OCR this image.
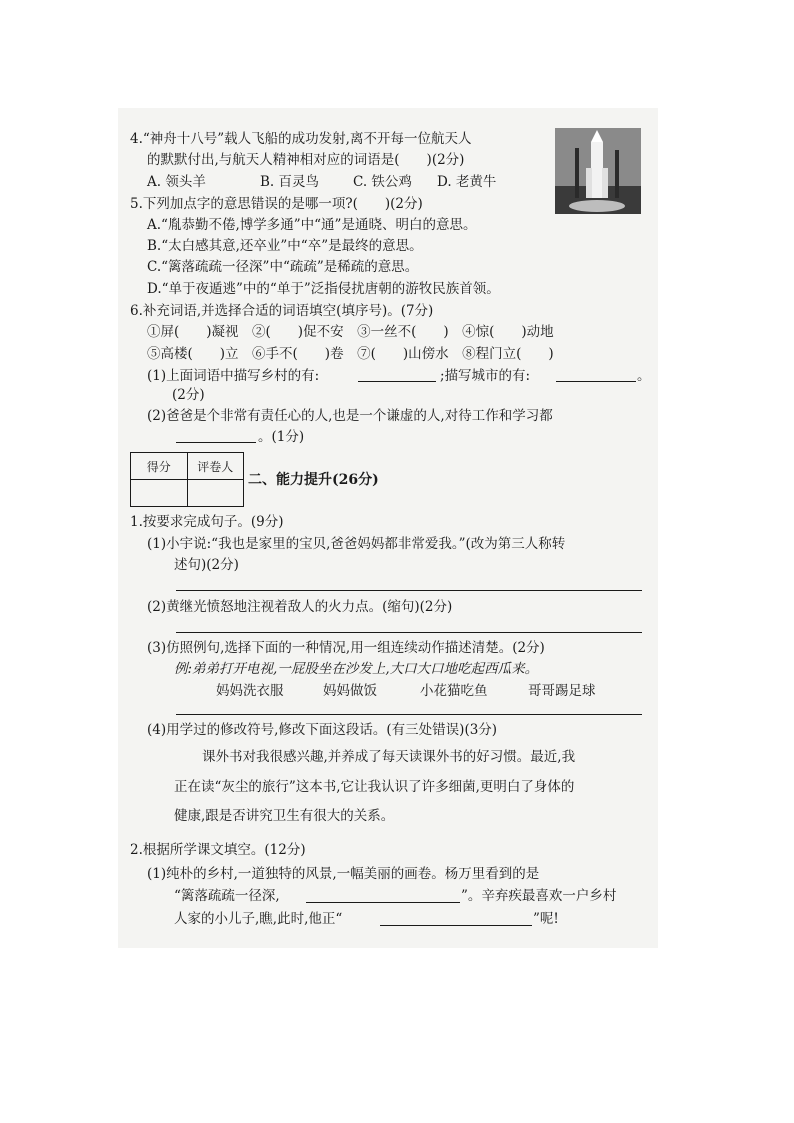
4.“神舟十八号”载人飞船的成功发射,离不开每一位航天人
的默默付出,与航天人精神相对应的词语是(　　)(2分)
A. 领头羊	B. 百灵鸟	C. 铁公鸡 D. 老黄牛
5.下列加点字的意思错误的是哪一项?(　　)(2分)
A.“胤恭勤不倦,博学多通”中“通”是通晓、明白的意思。
B.“太白感其意,还卒业”中“卒”是最终的意思。
C.“篱落疏疏一径深”中“疏疏”是稀疏的意思。
D.“单于夜遁逃”中的“单于”泛指侵扰唐朝的游牧民族首领。
6.补充词语,并选择合适的词语填空(填序号)。(7分)
①屏(　　)凝视　②(　　)促不安　③一丝不(　　)　④惊(　　)动地
⑤高楼(　　)立　⑥手不(　　)卷　⑦(　　)山傍水　⑧程门立(　　)
(1)上面词语中描写乡村的有:	;描写城市的有:	。
(2分)
(2)爸爸是个非常有责任心的人,也是一个谦虚的人,对待工作和学习都
。(1分)
得分	评卷人

二、能力提升(26分)
1.按要求完成句子。(9分)
(1)小宇说:“我也是家里的宝贝,爸爸妈妈都非常爱我。”(改为第三人称转
述句)(2分)
(2)黄继光愤怒地注视着敌人的火力点。(缩句)(2分)
(3)仿照例句,选择下面的一种情况,用一组连续动作描述清楚。(2分)
例:弟弟打开电视,一屁股坐在沙发上,大口大口地吃起西瓜来。
妈妈洗衣服	妈妈做饭	小花猫吃鱼	哥哥踢足球
(4)用学过的修改符号,修改下面这段话。(有三处错误)(3分)
课外书对我很感兴趣,并养成了每天读课外书的好习惯。最近,我
正在读“灰尘的旅行”这本书,它让我认识了许多细菌,更明白了身体的
健康,跟是否讲究卫生有很大的关系。
2.根据所学课文填空。(12分)
(1)纯朴的乡村,一道独特的风景,一幅美丽的画卷。杨万里看到的是
“篱落疏疏一径深,	”。辛弃疾最喜欢一户乡村
人家的小儿子,瞧,此时,他正“	”呢!
